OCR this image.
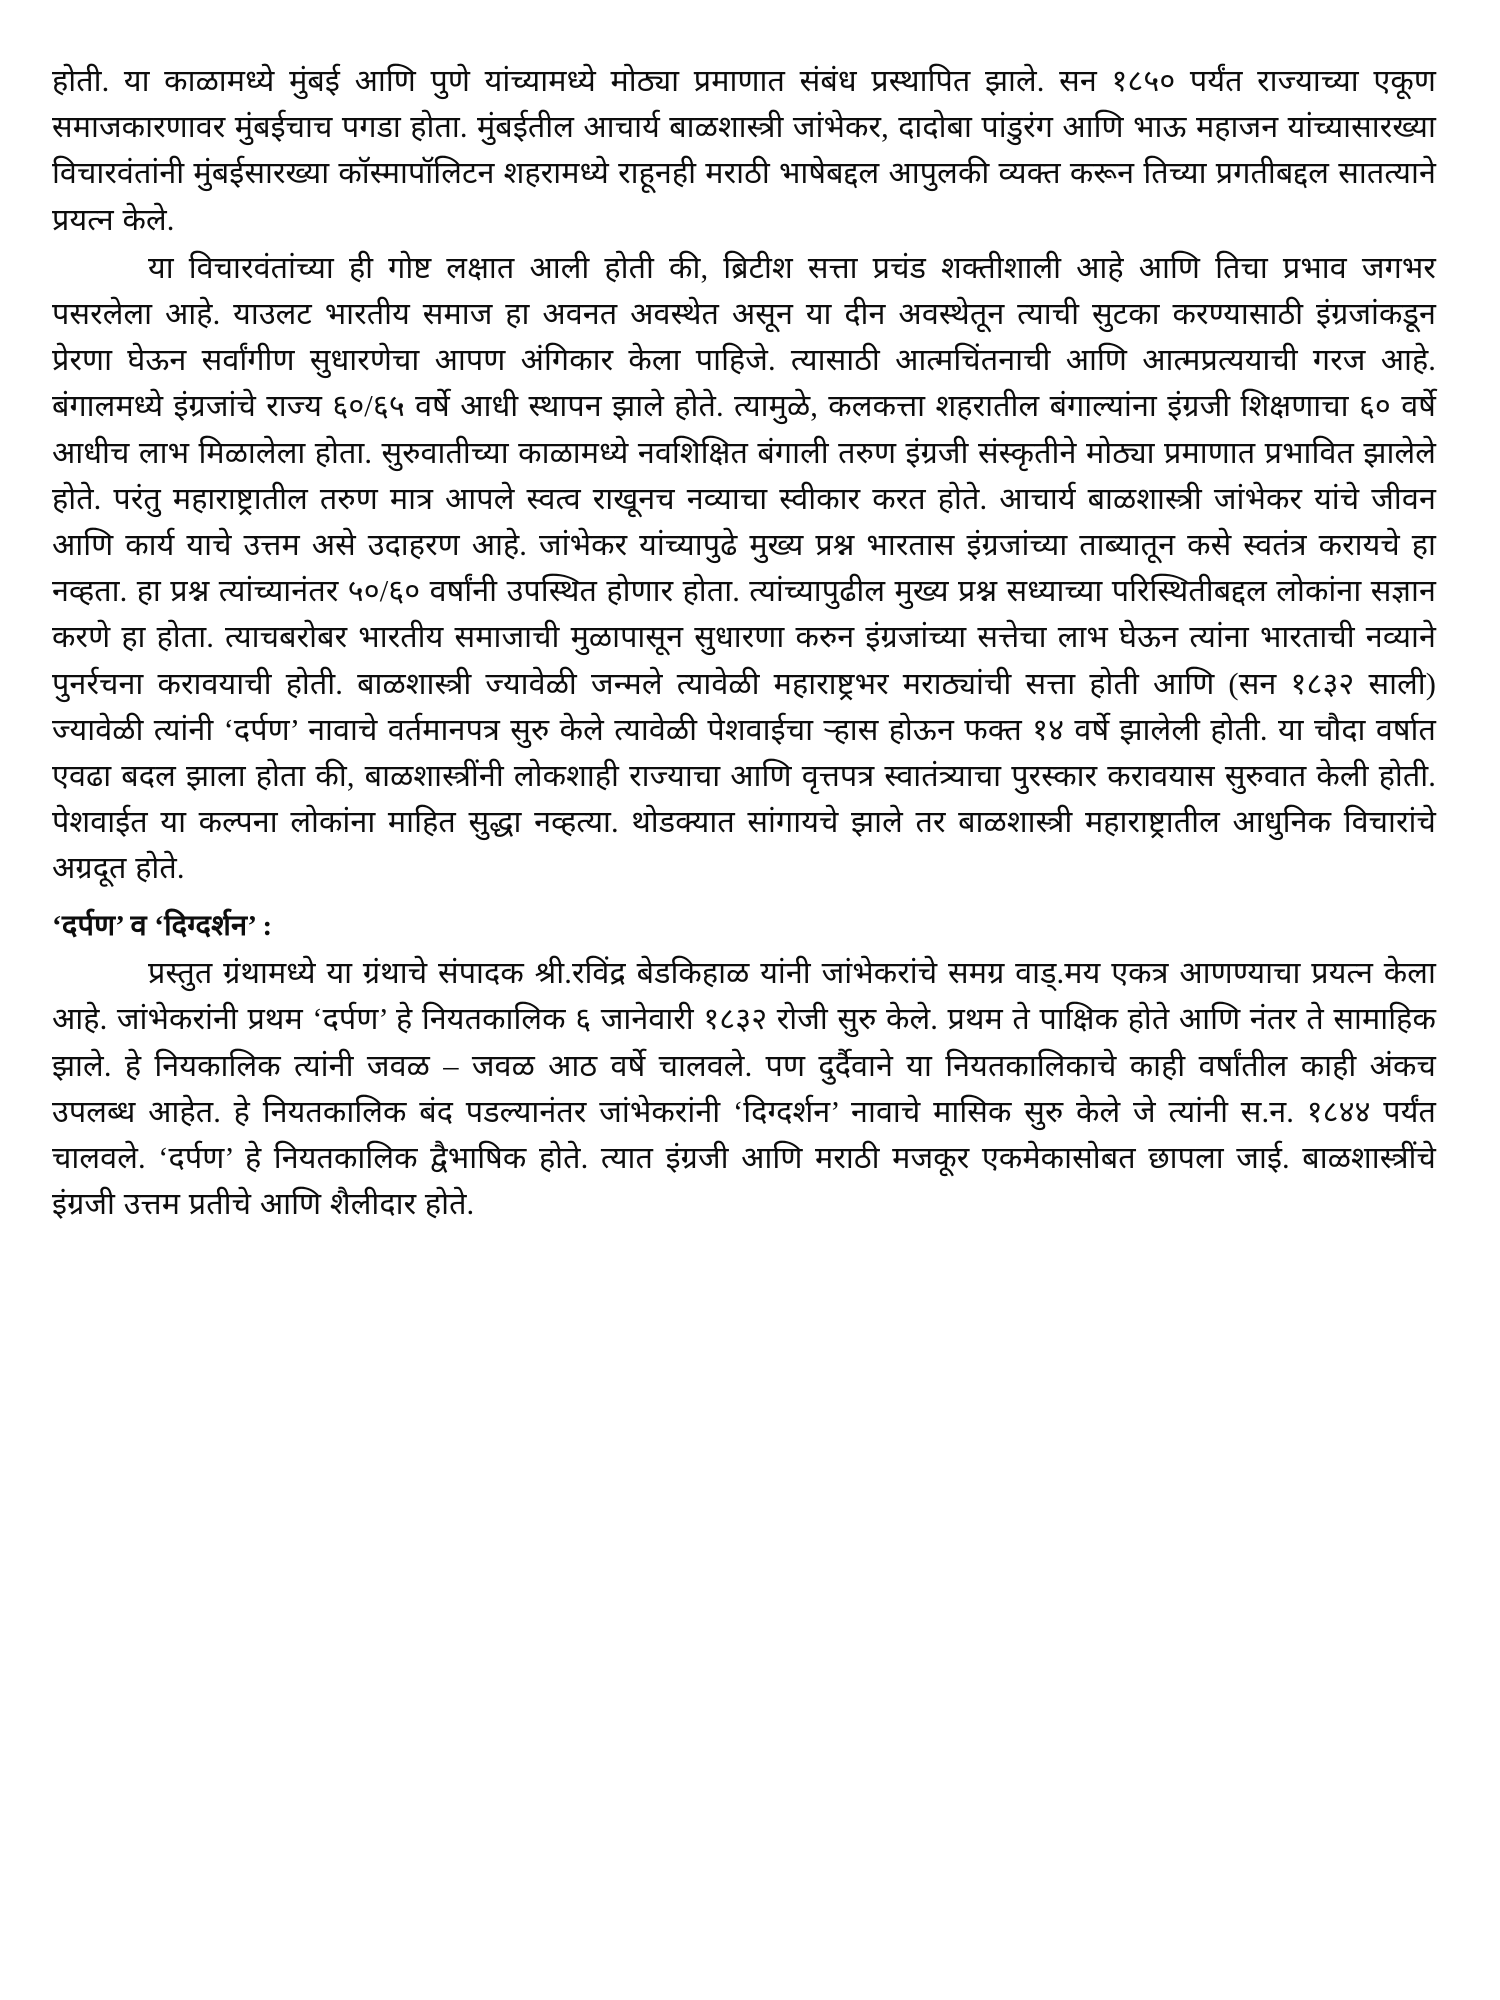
होती. या काळामध्ये मुंबई आणि पुणे यांच्यामध्ये मोठ्या प्रमाणात संबंध प्रस्थापित झाले. सन १८५० पर्यंत राज्याच्या एकूण समाजकारणावर मुंबईचाच पगडा होता. मुंबईतील आचार्य बाळशास्त्री जांभेकर, दादोबा पांडुरंग आणि भाऊ महाजन यांच्यासारख्या विचारवंतांनी मुंबईसारख्या कॉस्मापॉलिटन शहरामध्ये राहूनही मराठी भाषेबद्दल आपुलकी व्यक्त करून तिच्या प्रगतीबद्दल सातत्याने प्रयत्न केले.

या विचारवंतांच्या ही गोष्ट लक्षात आली होती की, ब्रिटीश सत्ता प्रचंड शक्तीशाली आहे आणि तिचा प्रभाव जगभर पसरलेला आहे. याउलट भारतीय समाज हा अवनत अवस्थेत असून या दीन अवस्थेतून त्याची सुटका करण्यासाठी इंग्रजांकडून प्रेरणा घेऊन सर्वांगीण सुधारणेचा आपण अंगिकार केला पाहिजे. त्यासाठी आत्मचिंतनाची आणि आत्मप्रत्ययाची गरज आहे. बंगालमध्ये इंग्रजांचे राज्य ६०/६५ वर्षे आधी स्थापन झाले होते. त्यामुळे, कलकत्ता शहरातील बंगाल्यांना इंग्रजी शिक्षणाचा ६० वर्षे आधीच लाभ मिळालेला होता. सुरुवातीच्या काळामध्ये नवशिक्षित बंगाली तरुण इंग्रजी संस्कृतीने मोठ्या प्रमाणात प्रभावित झालेले होते. परंतु महाराष्ट्रातील तरुण मात्र आपले स्वत्व राखूनच नव्याचा स्वीकार करत होते. आचार्य बाळशास्त्री जांभेकर यांचे जीवन आणि कार्य याचे उत्तम असे उदाहरण आहे. जांभेकर यांच्यापुढे मुख्य प्रश्न भारतास इंग्रजांच्या ताब्यातून कसे स्वतंत्र करायचे हा नव्हता. हा प्रश्न त्यांच्यानंतर ५०/६० वर्षांनी उपस्थित होणार होता. त्यांच्यापुढील मुख्य प्रश्न सध्याच्या परिस्थितीबद्दल लोकांना सज्ञान करणे हा होता. त्याचबरोबर भारतीय समाजाची मुळापासून सुधारणा करुन इंग्रजांच्या सत्तेचा लाभ घेऊन त्यांना भारताची नव्याने पुनर्रचना करावयाची होती. बाळशास्त्री ज्यावेळी जन्मले त्यावेळी महाराष्ट्रभर मराठ्यांची सत्ता होती आणि (सन १८३२ साली) ज्यावेळी त्यांनी ‘दर्पण’ नावाचे वर्तमानपत्र सुरु केले त्यावेळी पेशवाईचा ऱ्हास होऊन फक्त १४ वर्षे झालेली होती. या चौदा वर्षात एवढा बदल झाला होता की, बाळशास्त्रींनी लोकशाही राज्याचा आणि वृत्तपत्र स्वातंत्र्याचा पुरस्कार करावयास सुरुवात केली होती. पेशवाईत या कल्पना लोकांना माहित सुद्धा नव्हत्या. थोडक्यात सांगायचे झाले तर बाळशास्त्री महाराष्ट्रातील आधुनिक विचारांचे अग्रदूत होते.

‘दर्पण’ व ‘दिग्दर्शन’ :

प्रस्तुत ग्रंथामध्ये या ग्रंथाचे संपादक श्री.रविंद्र बेडकिहाळ यांनी जांभेकरांचे समग्र वाड्.मय एकत्र आणण्याचा प्रयत्न केला आहे. जांभेकरांनी प्रथम ‘दर्पण’ हे नियतकालिक ६ जानेवारी १८३२ रोजी सुरु केले. प्रथम ते पाक्षिक होते आणि नंतर ते सामाहिक झाले. हे नियकालिक त्यांनी जवळ – जवळ आठ वर्षे चालवले. पण दुर्दैवाने या नियतकालिकाचे काही वर्षांतील काही अंकच उपलब्ध आहेत. हे नियतकालिक बंद पडल्यानंतर जांभेकरांनी ‘दिग्दर्शन’ नावाचे मासिक सुरु केले जे त्यांनी स.न. १८४४ पर्यंत चालवले. ‘दर्पण’ हे नियतकालिक द्वैभाषिक होते. त्यात इंग्रजी आणि मराठी मजकूर एकमेकासोबत छापला जाई. बाळशास्त्रींचे इंग्रजी उत्तम प्रतीचे आणि शैलीदार होते.
